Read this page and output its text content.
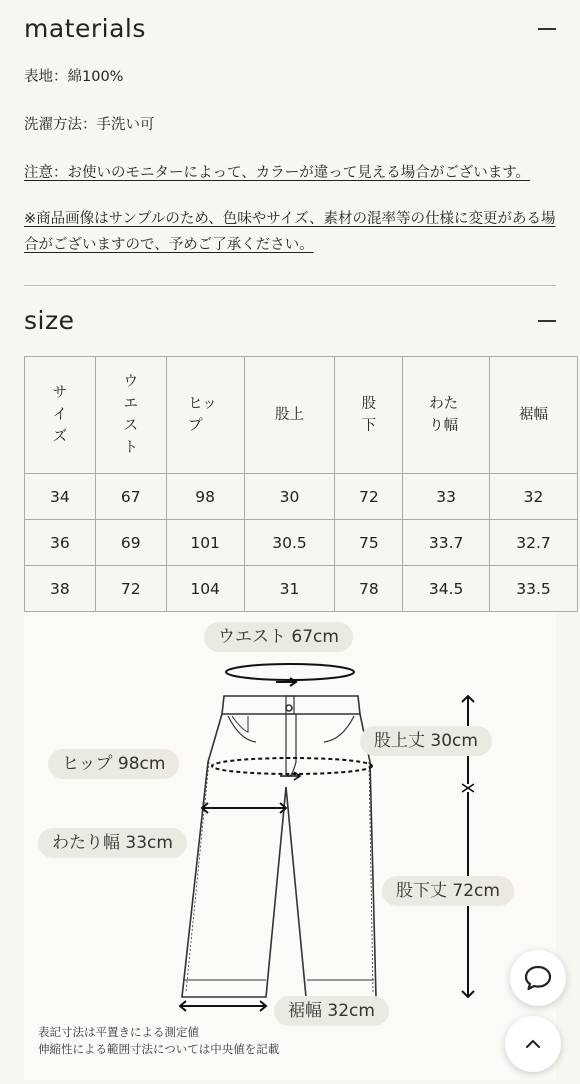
materials
表地：綿100%
洗濯方法：手洗い可
注意：お使いのモニターによって、カラーが違って見える場合がございます。
※商品画像はサンプルのため、色味やサイズ、素材の混率等の仕様に変更がある場合がございますので、予めご了承ください。
size
サイズ	ウエスト	ヒップ	股上	股下	わたり幅	裾幅
34	67	98	30	72	33	32
36	69	101	30.5	75	33.7	32.7
38	72	104	31	78	34.5	33.5
ウエスト 67cm
股上丈 30cm
ヒップ 98cm
わたり幅 33cm
股下丈 72cm
裾幅 32cm
表記寸法は平置きによる測定値
伸縮性による範囲寸法については中央値を記載
